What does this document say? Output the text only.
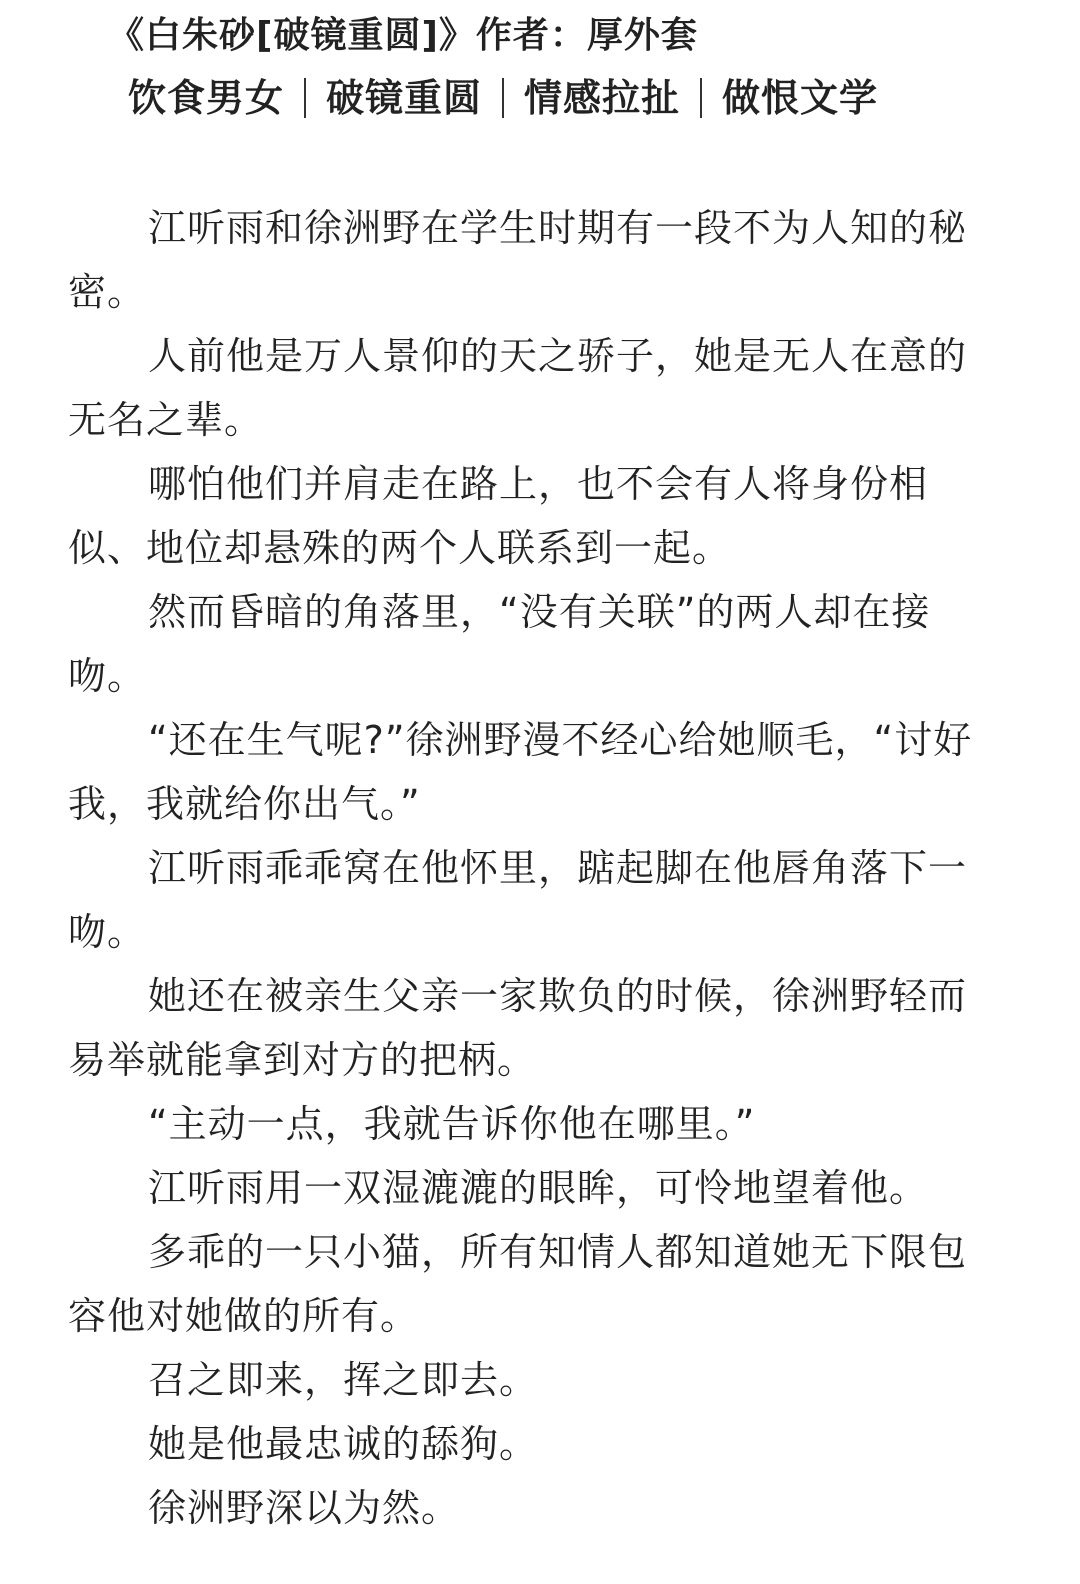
《白朱砂[破镜重圆]》作者：厚外套
饮食男女 破镜重圆 情感拉扯 做恨文学

江听雨和徐洲野在学生时期有一段不为人知的秘密。

人前他是万人景仰的天之骄子，她是无人在意的无名之辈。

哪怕他们并肩走在路上，也不会有人将身份相似、地位却悬殊的两个人联系到一起。

然而昏暗的角落里，“没有关联”的两人却在接吻。

“还在生气呢?”徐洲野漫不经心给她顺毛，“讨好我，我就给你出气。”

江听雨乖乖窝在他怀里，踮起脚在他唇角落下一吻。

她还在被亲生父亲一家欺负的时候，徐洲野轻而易举就能拿到对方的把柄。

“主动一点，我就告诉你他在哪里。”

江听雨用一双湿漉漉的眼眸，可怜地望着他。

多乖的一只小猫，所有知情人都知道她无下限包容他对她做的所有。

召之即来，挥之即去。

她是他最忠诚的舔狗。

徐洲野深以为然。
